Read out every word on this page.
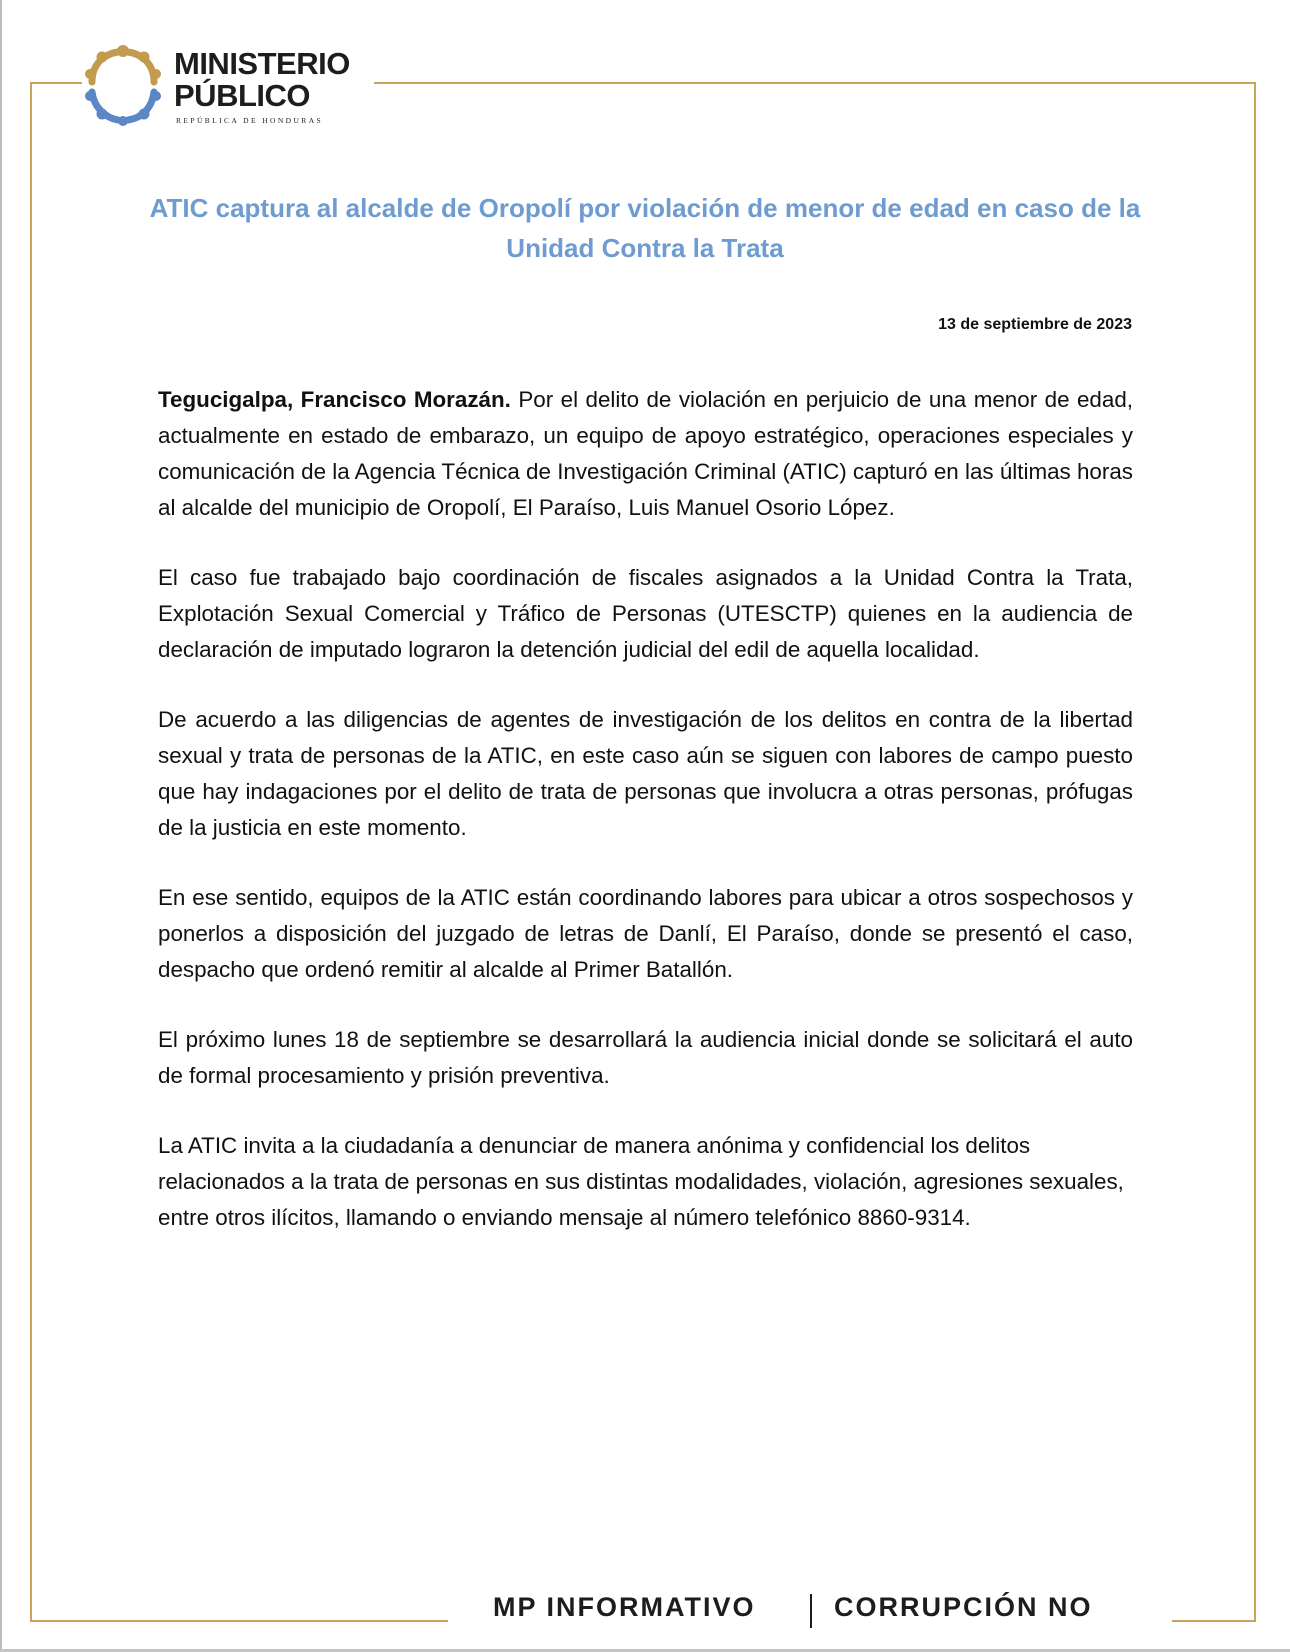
MINISTERIO
PÚBLICO
REPÚBLICA DE HONDURAS
ATIC captura al alcalde de Oropolí por violación de menor de edad en caso de la Unidad Contra la Trata
13 de septiembre de 2023

Tegucigalpa, Francisco Morazán. Por el delito de violación en perjuicio de una menor de edad, actualmente en estado de embarazo, un equipo de apoyo estratégico, operaciones especiales y comunicación de la Agencia Técnica de Investigación Criminal (ATIC) capturó en las últimas horas al alcalde del municipio de Oropolí, El Paraíso, Luis Manuel Osorio López.

El caso fue trabajado bajo coordinación de fiscales asignados a la Unidad Contra la Trata, Explotación Sexual Comercial y Tráfico de Personas (UTESCTP) quienes en la audiencia de declaración de imputado lograron la detención judicial del edil de aquella localidad.

De acuerdo a las diligencias de agentes de investigación de los delitos en contra de la libertad sexual y trata de personas de la ATIC, en este caso aún se siguen con labores de campo puesto que hay indagaciones por el delito de trata de personas que involucra a otras personas, prófugas de la justicia en este momento.

En ese sentido, equipos de la ATIC están coordinando labores para ubicar a otros sospechosos y ponerlos a disposición del juzgado de letras de Danlí, El Paraíso, donde se presentó el caso, despacho que ordenó remitir al alcalde al Primer Batallón.

El próximo lunes 18 de septiembre se desarrollará la audiencia inicial donde se solicitará el auto de formal procesamiento y prisión preventiva.

La ATIC invita a la ciudadanía a denunciar de manera anónima y confidencial los delitos relacionados a la trata de personas en sus distintas modalidades, violación, agresiones sexuales, entre otros ilícitos, llamando o enviando mensaje al número telefónico 8860-9314.

MP INFORMATIVO	CORRUPCIÓN NO
